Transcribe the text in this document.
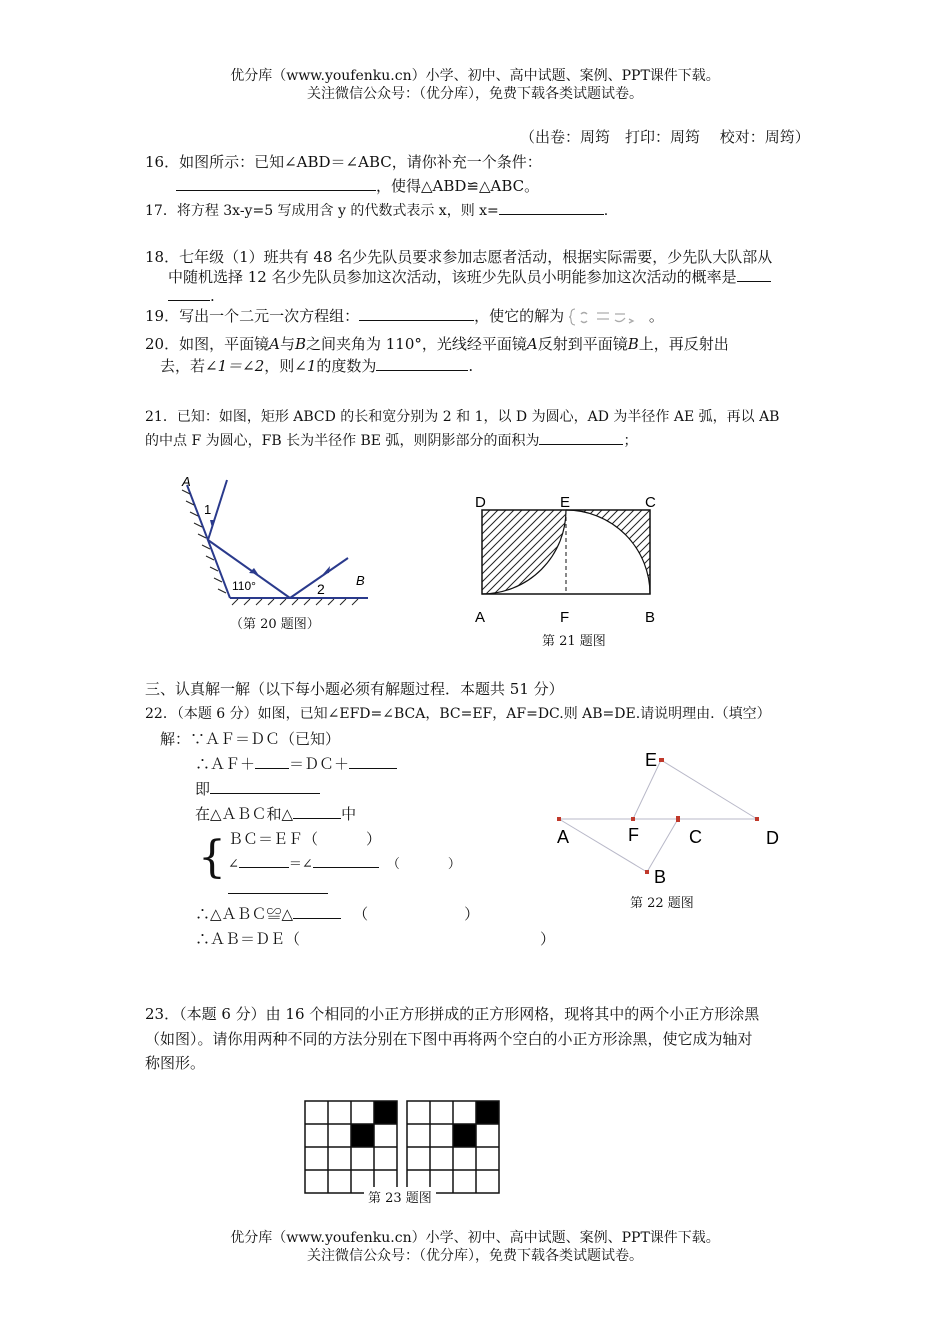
优分库（www.youfenku.cn）小学、初中、高中试题、案例、PPT课件下载。
关注微信公众号：（优分库），免费下载各类试题试卷。
（出卷：周筠　打印：周筠　 校对：周筠）
16．如图所示：已知∠ABD＝∠ABC，请你补充一个条件：
，使得△ABD≌△ABC。
17．将方程 3x-y=5 写成用含 y 的代数式表示 x，则 x=	.
18．七年级（1）班共有 48 名少先队员要求参加志愿者活动，根据实际需要，少先队大队部从
中随机选择 12 名少先队员参加这次活动，该班少先队员小明能参加这次活动的概率是
.
19．写出一个二元一次方程组：	，使它的解为	。
20．如图，平面镜A与B之间夹角为 110°，光线经平面镜A反射到平面镜B上，再反射出
去，若∠1＝∠2，则∠1的度数为	.
21．已知：如图，矩形 ABCD 的长和宽分别为 2 和 1，以 D 为圆心，AD 为半径作 AE 弧，再以 AB
的中点 F 为圆心，FB 长为半径作 BE 弧，则阴影部分的面积为	；
A
1
2
B
110°
（第 20 题图）
D	E	C
A	F	B
第 21 题图
三、认真解一解（以下每小题必须有解题过程．本题共 51 分）
22．（本题 6 分）如图，已知∠EFD=∠BCA，BC=EF，AF=DC.则 AB=DE.请说明理由.（填空）
解：∵ＡＦ＝ＤＣ（已知）
∴ＡＦ＋ ＝ＤＣ＋
即
在△ＡＢＣ和△	中
{ ＢＣ＝ＥＦ（	）
∠	＝∠	（	）
∴△ＡＢＣ≌△	（	）
∴ＡＢ＝ＤＥ（	）
E
A	F	C	D
B
第 22 题图
23．（本题 6 分）由 16 个相同的小正方形拼成的正方形网格，现将其中的两个小正方形涂黑
（如图）。请你用两种不同的方法分别在下图中再将两个空白的小正方形涂黑，使它成为轴对
称图形。
第 23 题图
优分库（www.youfenku.cn）小学、初中、高中试题、案例、PPT课件下载。
关注微信公众号：（优分库），免费下载各类试题试卷。
